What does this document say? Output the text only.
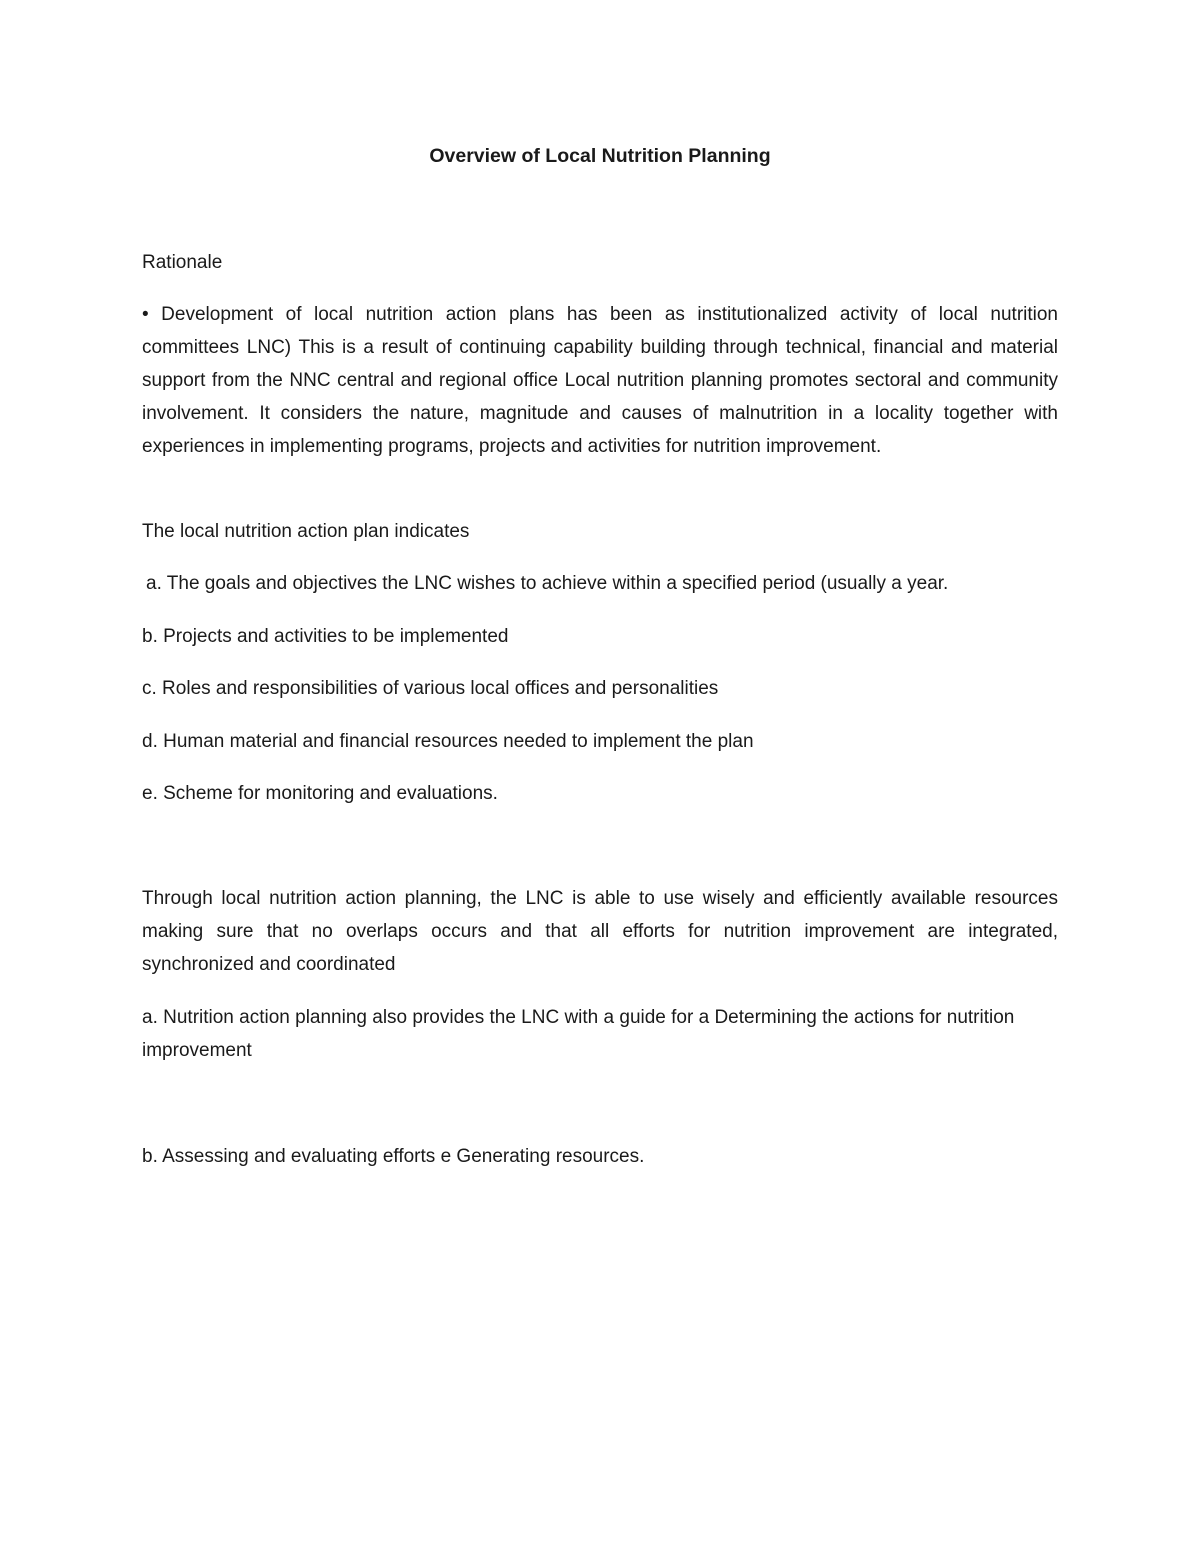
Overview of Local Nutrition Planning

Rationale

• Development of local nutrition action plans has been as institutionalized activity of local nutrition committees LNC) This is a result of continuing capability building through technical, financial and material support from the NNC central and regional office Local nutrition planning promotes sectoral and community involvement. It considers the nature, magnitude and causes of malnutrition in a locality together with experiences in implementing programs, projects and activities for nutrition improvement.

The local nutrition action plan indicates

a. The goals and objectives the LNC wishes to achieve within a specified period (usually a year.

b. Projects and activities to be implemented

c. Roles and responsibilities of various local offices and personalities

d. Human material and financial resources needed to implement the plan

e. Scheme for monitoring and evaluations.

Through local nutrition action planning, the LNC is able to use wisely and efficiently available resources making sure that no overlaps occurs and that all efforts for nutrition improvement are integrated, synchronized and coordinated

a. Nutrition action planning also provides the LNC with a guide for a Determining the actions for nutrition improvement

b. Assessing and evaluating efforts e Generating resources.
